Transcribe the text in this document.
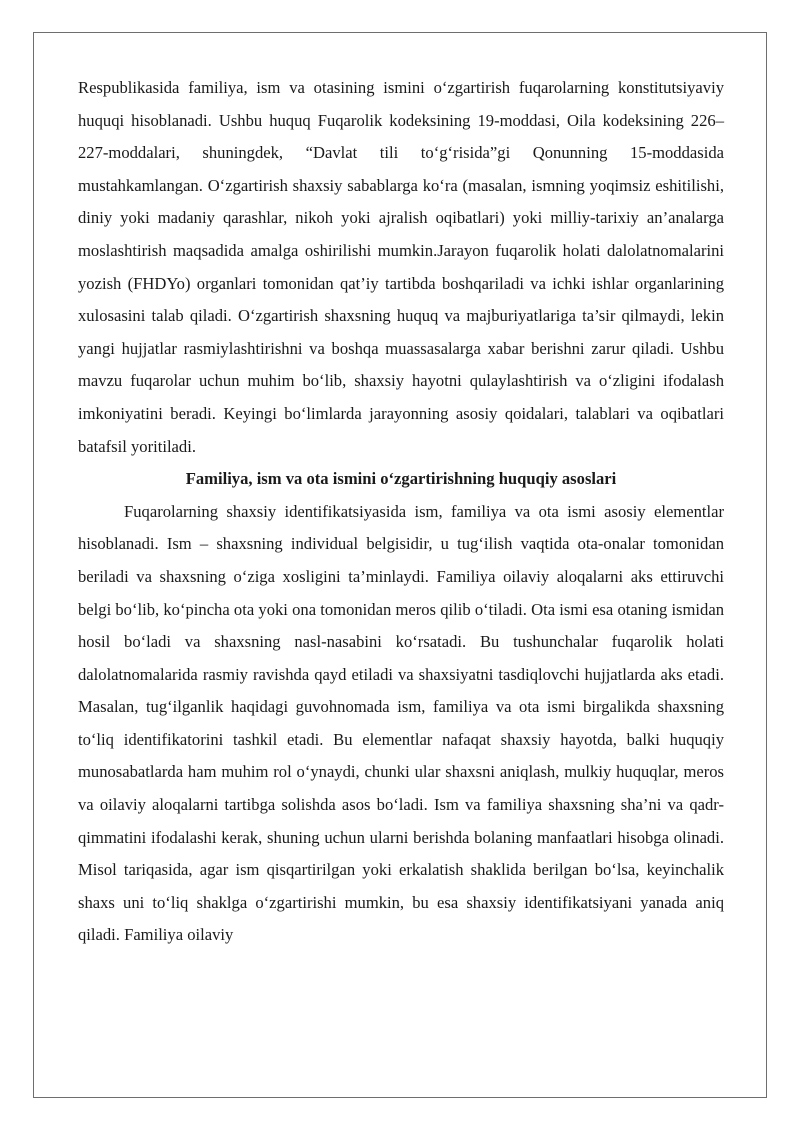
Respublikasida familiya, ism va otasining ismini o‘zgartirish fuqarolarning konstitutsiyaviy huquqi hisoblanadi. Ushbu huquq Fuqarolik kodeksining 19-moddasi, Oila kodeksining 226–227-moddalari, shuningdek, “Davlat tili to‘g‘risida”gi Qonunning 15-moddasida mustahkamlangan. O‘zgartirish shaxsiy sabablarga ko‘ra (masalan, ismning yoqimsiz eshitilishi, diniy yoki madaniy qarashlar, nikoh yoki ajralish oqibatlari) yoki milliy-tarixiy an’analarga moslashtirish maqsadida amalga oshirilishi mumkin.Jarayon fuqarolik holati dalolatnomalarini yozish (FHDYo) organlari tomonidan qat’iy tartibda boshqariladi va ichki ishlar organlarining xulosasini talab qiladi. O‘zgartirish shaxsning huquq va majburiyatlariga ta’sir qilmaydi, lekin yangi hujjatlar rasmiylashtirishni va boshqa muassasalarga xabar berishni zarur qiladi. Ushbu mavzu fuqarolar uchun muhim bo‘lib, shaxsiy hayotni qulaylashtirish va o‘zligini ifodalash imkoniyatini beradi. Keyingi bo‘limlarda jarayonning asosiy qoidalari, talablari va oqibatlari batafsil yoritiladi.

Familiya, ism va ota ismini o‘zgartirishning huquqiy asoslari

Fuqarolarning shaxsiy identifikatsiyasida ism, familiya va ota ismi asosiy elementlar hisoblanadi. Ism – shaxsning individual belgisidir, u tug‘ilish vaqtida ota-onalar tomonidan beriladi va shaxsning o‘ziga xosligini ta’minlaydi. Familiya oilaviy aloqalarni aks ettiruvchi belgi bo‘lib, ko‘pincha ota yoki ona tomonidan meros qilib o‘tiladi. Ota ismi esa otaning ismidan hosil bo‘ladi va shaxsning nasl-nasabini ko‘rsatadi. Bu tushunchalar fuqarolik holati dalolatnomalarida rasmiy ravishda qayd etiladi va shaxsiyatni tasdiqlovchi hujjatlarda aks etadi. Masalan, tug‘ilganlik haqidagi guvohnomada ism, familiya va ota ismi birgalikda shaxsning to‘liq identifikatorini tashkil etadi. Bu elementlar nafaqat shaxsiy hayotda, balki huquqiy munosabatlarda ham muhim rol o‘ynaydi, chunki ular shaxsni aniqlash, mulkiy huquqlar, meros va oilaviy aloqalarni tartibga solishda asos bo‘ladi. Ism va familiya shaxsning sha’ni va qadr-qimmatini ifodalashi kerak, shuning uchun ularni berishda bolaning manfaatlari hisobga olinadi. Misol tariqasida, agar ism qisqartirilgan yoki erkalatish shaklida berilgan bo‘lsa, keyinchalik shaxs uni to‘liq shaklga o‘zgartirishi mumkin, bu esa shaxsiy identifikatsiyani yanada aniq qiladi. Familiya oilaviy
